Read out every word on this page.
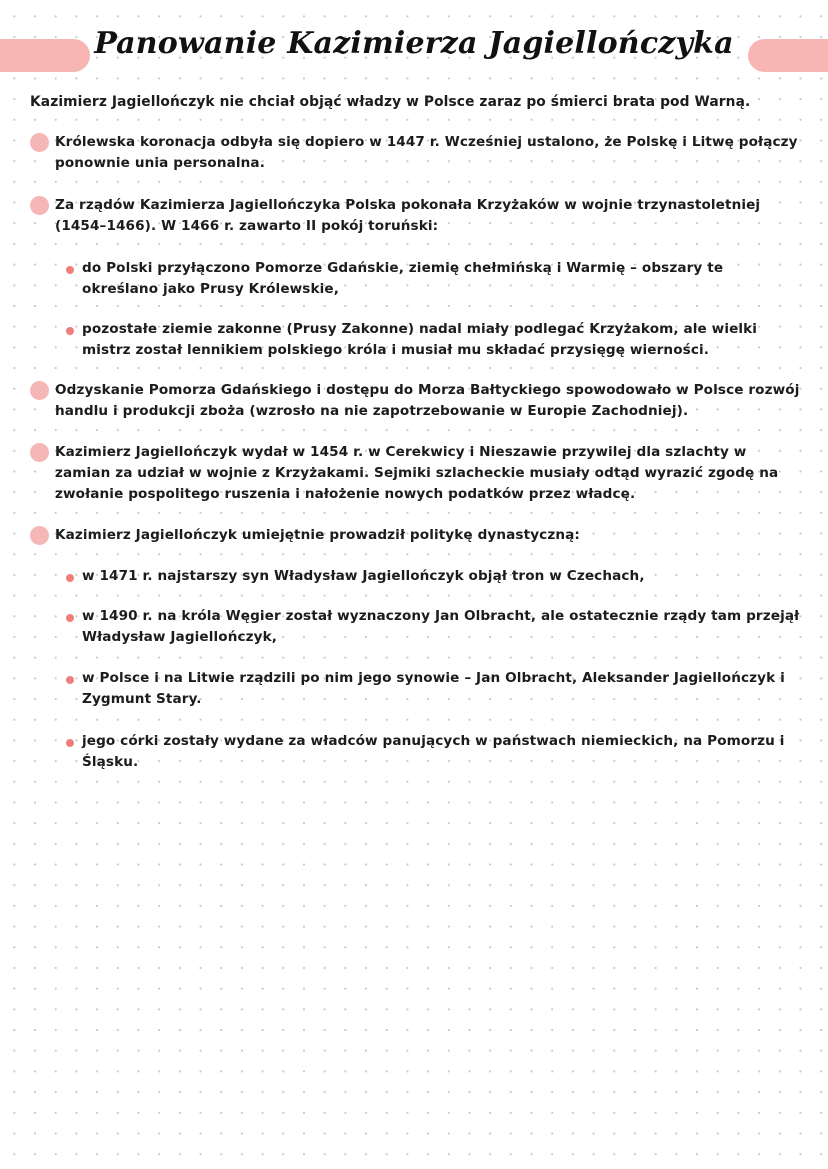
Panowanie Kazimierza Jagiellończyka
Kazimierz Jagiellończyk nie chciał objąć władzy w Polsce zaraz po śmierci brata pod Warną.
Królewska koronacja odbyła się dopiero w 1447 r. Wcześniej ustalono, że Polskę i Litwę połączy ponownie unia personalna.
Za rządów Kazimierza Jagiellończyka Polska pokonała Krzyżaków w wojnie trzynastoletniej (1454–1466). W 1466 r. zawarto II pokój toruński:
do Polski przyłączono Pomorze Gdańskie, ziemię chełmińską i Warmię – obszary te określano jako Prusy Królewskie,
pozostałe ziemie zakonne (Prusy Zakonne) nadal miały podlegać Krzyżakom, ale wielki mistrz został lennikiem polskiego króla i musiał mu składać przysięgę wierności.
Odzyskanie Pomorza Gdańskiego i dostępu do Morza Bałtyckiego spowodowało w Polsce rozwój handlu i produkcji zboża (wzrosło na nie zapotrzebowanie w Europie Zachodniej).
Kazimierz Jagiellończyk wydał w 1454 r. w Cerekwicy i Nieszawie przywilej dla szlachty w zamian za udział w wojnie z Krzyżakami. Sejmiki szlacheckie musiały odtąd wyrazić zgodę na zwołanie pospolitego ruszenia i nałożenie nowych podatków przez władcę.
Kazimierz Jagiellończyk umiejętnie prowadził politykę dynastyczną:
w 1471 r. najstarszy syn Władysław Jagiellończyk objął tron w Czechach,
w 1490 r. na króla Węgier został wyznaczony Jan Olbracht, ale ostatecznie rządy tam przejął Władysław Jagiellończyk,
w Polsce i na Litwie rządzili po nim jego synowie – Jan Olbracht, Aleksander Jagiellończyk i Zygmunt Stary.
jego córki zostały wydane za władców panujących w państwach niemieckich, na Pomorzu i Śląsku.
